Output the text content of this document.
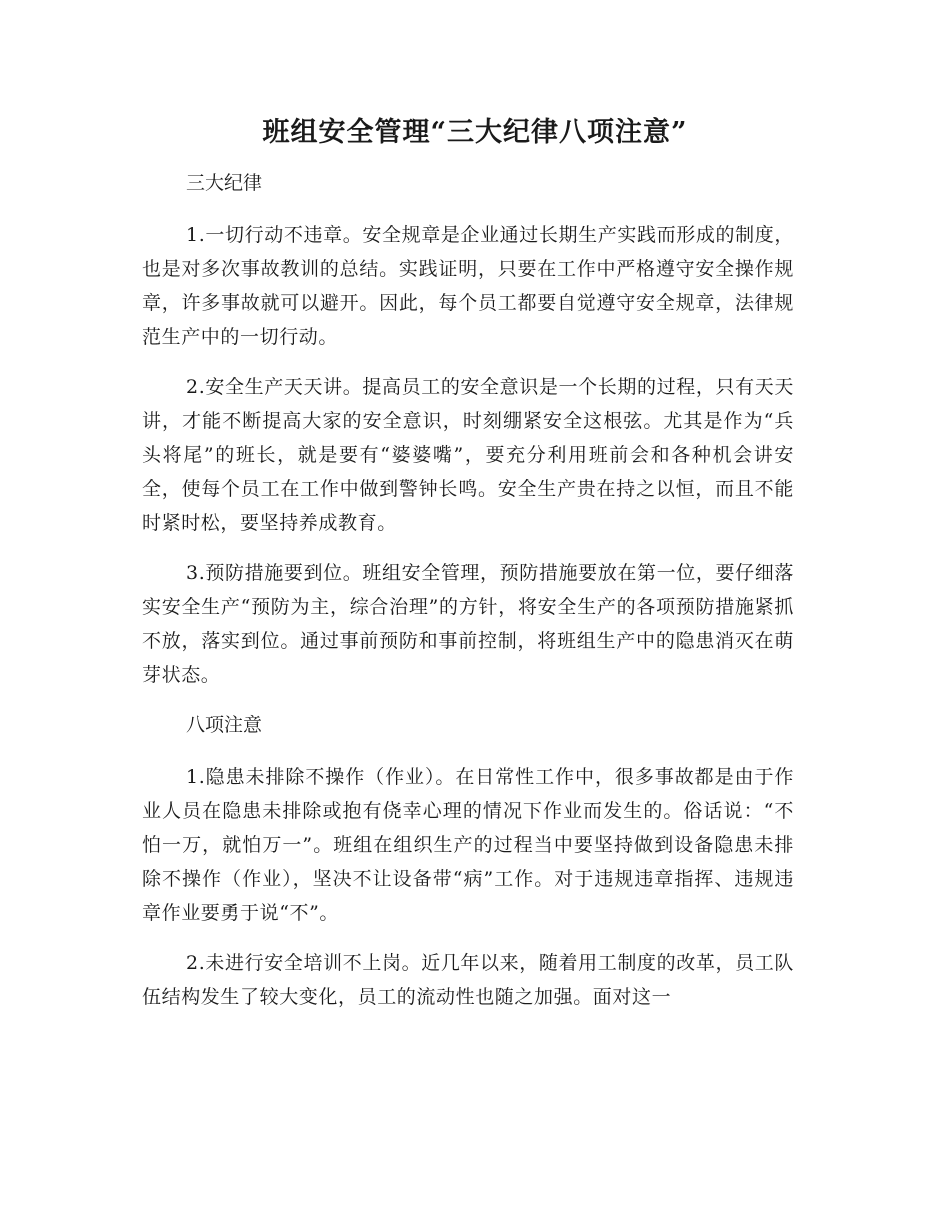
班组安全管理“三大纪律八项注意”
三大纪律

1.一切行动不违章。安全规章是企业通过长期生产实践而形成的制度，也是对多次事故教训的总结。实践证明，只要在工作中严格遵守安全操作规章，许多事故就可以避开。因此，每个员工都要自觉遵守安全规章，法律规范生产中的一切行动。

2.安全生产天天讲。提高员工的安全意识是一个长期的过程，只有天天讲，才能不断提高大家的安全意识，时刻绷紧安全这根弦。尤其是作为“兵头将尾”的班长，就是要有“婆婆嘴”，要充分利用班前会和各种机会讲安全，使每个员工在工作中做到警钟长鸣。安全生产贵在持之以恒，而且不能时紧时松，要坚持养成教育。

3.预防措施要到位。班组安全管理，预防措施要放在第一位，要仔细落实安全生产“预防为主，综合治理”的方针，将安全生产的各项预防措施紧抓不放，落实到位。通过事前预防和事前控制，将班组生产中的隐患消灭在萌芽状态。

八项注意

1.隐患未排除不操作（作业）。在日常性工作中，很多事故都是由于作业人员在隐患未排除或抱有侥幸心理的情况下作业而发生的。俗话说：“不怕一万，就怕万一”。班组在组织生产的过程当中要坚持做到设备隐患未排除不操作（作业），坚决不让设备带“病”工作。对于违规违章指挥、违规违章作业要勇于说“不”。

2.未进行安全培训不上岗。近几年以来，随着用工制度的改革，员工队伍结构发生了较大变化，员工的流动性也随之加强。面对这一
